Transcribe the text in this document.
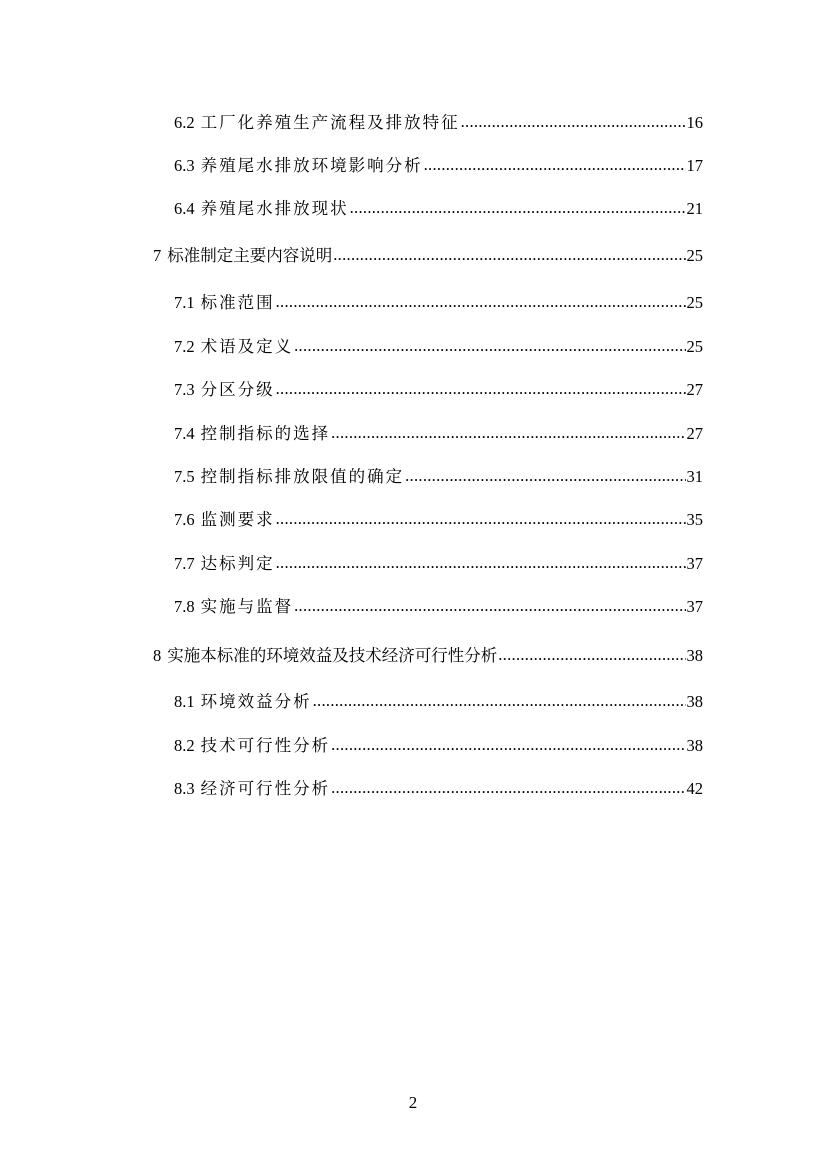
6.2 工厂化养殖生产流程及排放特征 .....	16
6.3 养殖尾水排放环境影响分析 .....	17
6.4 养殖尾水排放现状 .....	21
7 标准制定主要内容说明 .....	25
7.1 标准范围 .....	25
7.2 术语及定义 .....	25
7.3 分区分级 .....	27
7.4 控制指标的选择 .....	27
7.5 控制指标排放限值的确定 .....	31
7.6 监测要求 .....	35
7.7 达标判定 .....	37
7.8 实施与监督 .....	37
8 实施本标准的环境效益及技术经济可行性分析 .....	38
8.1 环境效益分析 .....	38
8.2 技术可行性分析 .....	38
8.3 经济可行性分析 .....	42
2
